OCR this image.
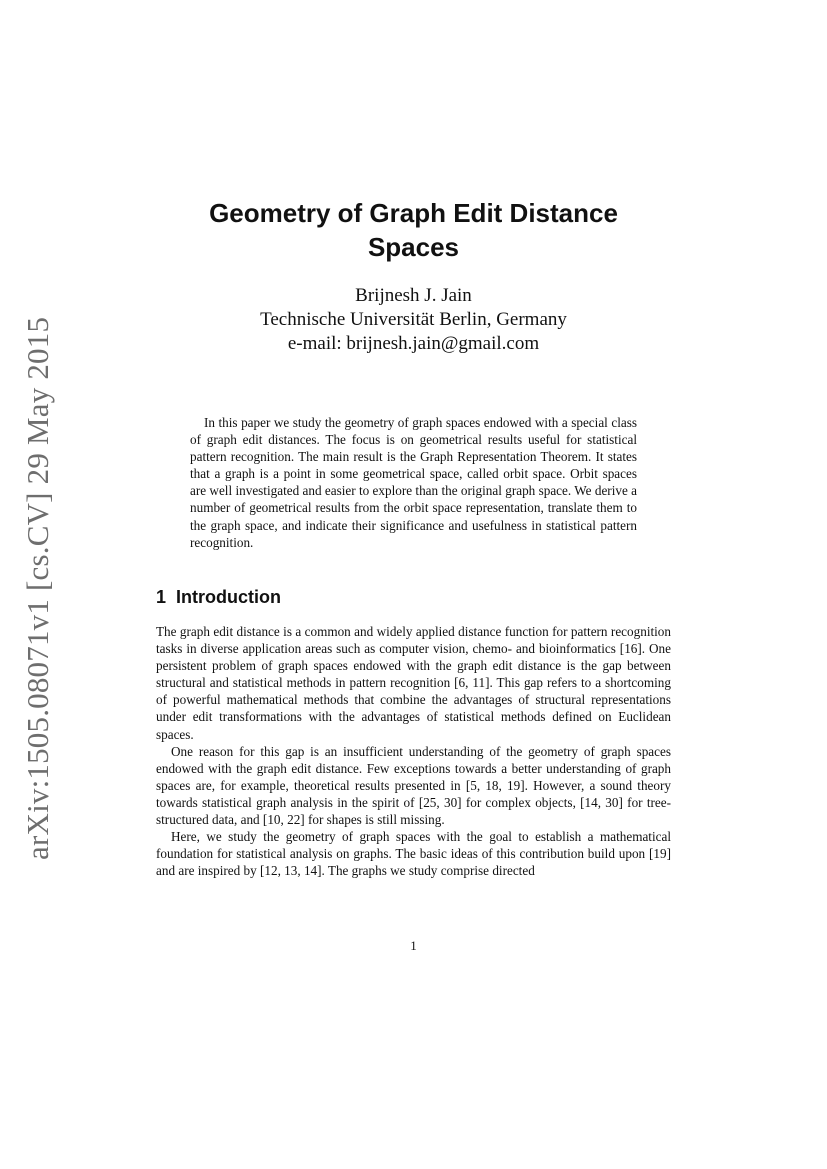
arXiv:1505.08071v1 [cs.CV] 29 May 2015
Geometry of Graph Edit Distance
Spaces
Brijnesh J. Jain
Technische Universität Berlin, Germany
e-mail: brijnesh.jain@gmail.com

In this paper we study the geometry of graph spaces endowed with a special class of graph edit distances. The focus is on geometrical results useful for statistical pattern recognition. The main result is the Graph Representation Theorem. It states that a graph is a point in some geometrical space, called orbit space. Orbit spaces are well investigated and easier to explore than the original graph space. We derive a number of geometrical results from the orbit space representation, translate them to the graph space, and indicate their significance and usefulness in statistical pattern recognition.

1 Introduction

The graph edit distance is a common and widely applied distance function for pattern recognition tasks in diverse application areas such as computer vision, chemo- and bioinformatics [16]. One persistent problem of graph spaces endowed with the graph edit distance is the gap between structural and statistical methods in pattern recognition [6, 11]. This gap refers to a shortcoming of powerful mathematical methods that combine the advantages of structural representations under edit transformations with the advantages of statistical methods defined on Euclidean spaces.

One reason for this gap is an insufficient understanding of the geometry of graph spaces endowed with the graph edit distance. Few exceptions towards a better understanding of graph spaces are, for example, theoretical results presented in [5, 18, 19]. However, a sound theory towards statistical graph analysis in the spirit of [25, 30] for complex objects, [14, 30] for tree-structured data, and [10, 22] for shapes is still missing.

Here, we study the geometry of graph spaces with the goal to establish a mathematical foundation for statistical analysis on graphs. The basic ideas of this contribution build upon [19] and are inspired by [12, 13, 14]. The graphs we study comprise directed

1
